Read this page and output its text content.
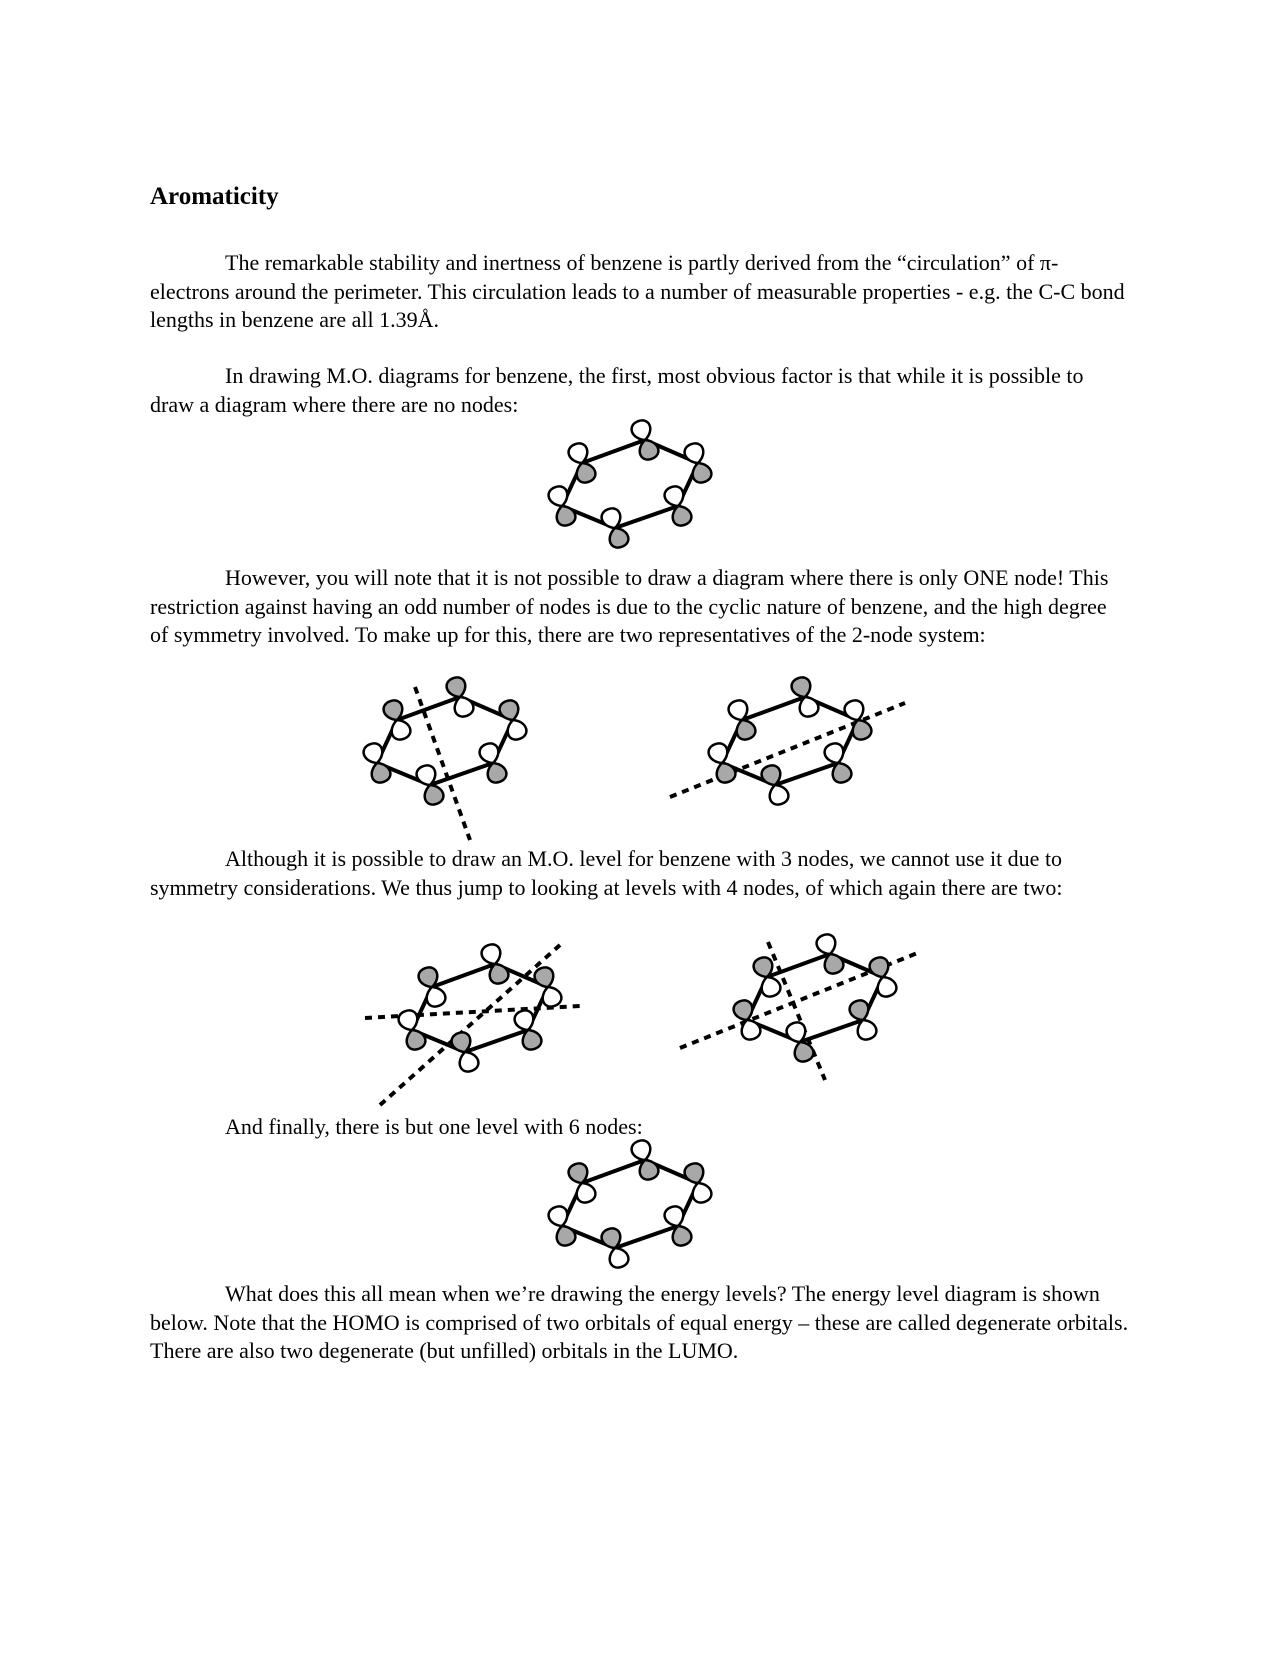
Aromaticity

The remarkable stability and inertness of benzene is partly derived from the “circulation” of π-electrons around the perimeter. This circulation leads to a number of measurable properties - e.g. the C-C bond lengths in benzene are all 1.39Å.

In drawing M.O. diagrams for benzene, the first, most obvious factor is that while it is possible to draw a diagram where there are no nodes:

However, you will note that it is not possible to draw a diagram where there is only ONE node! This restriction against having an odd number of nodes is due to the cyclic nature of benzene, and the high degree of symmetry involved. To make up for this, there are two representatives of the 2-node system:

Although it is possible to draw an M.O. level for benzene with 3 nodes, we cannot use it due to symmetry considerations. We thus jump to looking at levels with 4 nodes, of which again there are two:

And finally, there is but one level with 6 nodes:

What does this all mean when we’re drawing the energy levels? The energy level diagram is shown below. Note that the HOMO is comprised of two orbitals of equal energy – these are called degenerate orbitals. There are also two degenerate (but unfilled) orbitals in the LUMO.
